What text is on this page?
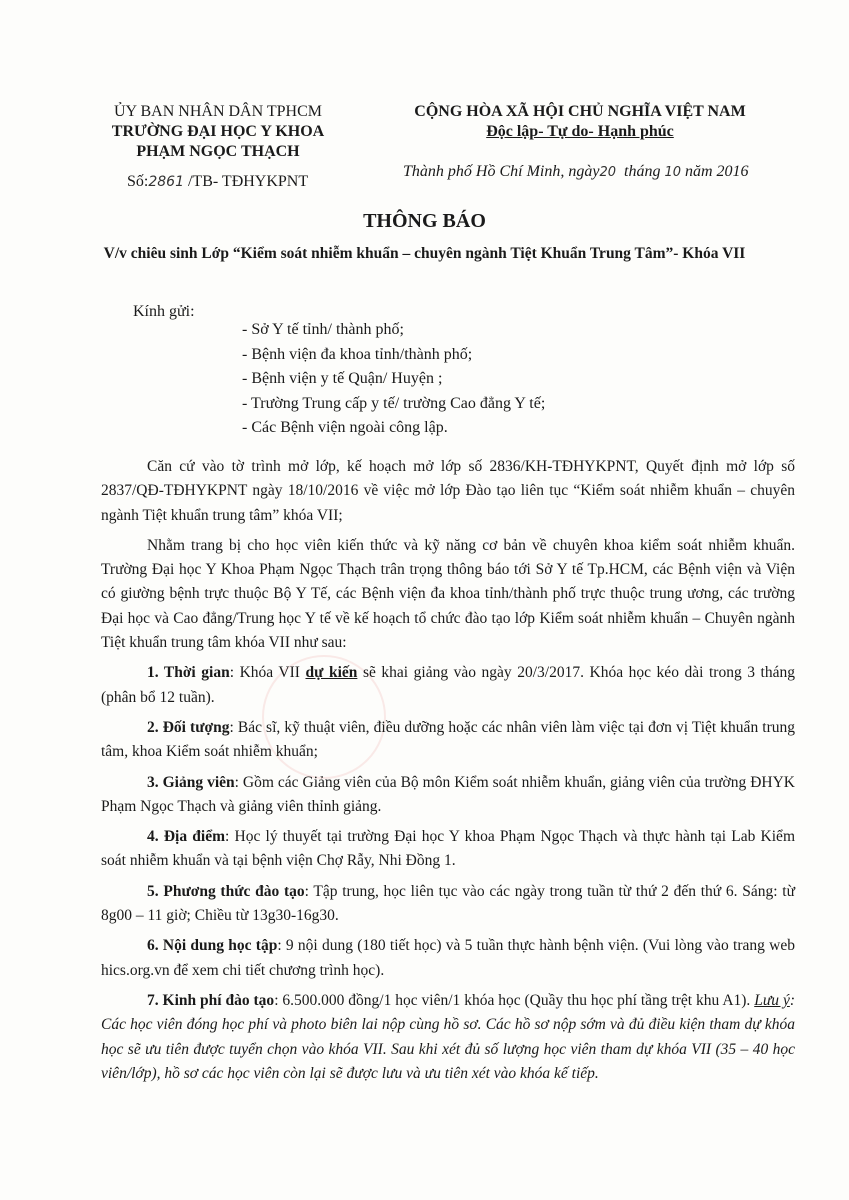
ỦY BAN NHÂN DÂN TPHCM
TRƯỜNG ĐẠI HỌC Y KHOA
PHẠM NGỌC THẠCH
Số:2861 /TB- TĐHYKPNT
CỘNG HÒA XÃ HỘI CHỦ NGHĨA VIỆT NAM
Độc lập- Tự do- Hạnh phúc
Thành phố Hồ Chí Minh, ngày20 tháng 10 năm 2016
THÔNG BÁO
V/v chiêu sinh Lớp “Kiểm soát nhiễm khuẩn – chuyên ngành Tiệt Khuẩn Trung Tâm”- Khóa VII
Kính gửi:
- Sở Y tế tỉnh/ thành phố;
- Bệnh viện đa khoa tỉnh/thành phố;
- Bệnh viện y tế Quận/ Huyện ;
- Trường Trung cấp y tế/ trường Cao đẳng Y tế;
- Các Bệnh viện ngoài công lập.

Căn cứ vào tờ trình mở lớp, kế hoạch mở lớp số 2836/KH-TĐHYKPNT, Quyết định mở lớp số 2837/QĐ-TĐHYKPNT ngày 18/10/2016 về việc mở lớp Đào tạo liên tục “Kiểm soát nhiễm khuẩn – chuyên ngành Tiệt khuẩn trung tâm” khóa VII;

Nhằm trang bị cho học viên kiến thức và kỹ năng cơ bản về chuyên khoa kiểm soát nhiễm khuẩn. Trường Đại học Y Khoa Phạm Ngọc Thạch trân trọng thông báo tới Sở Y tế Tp.HCM, các Bệnh viện và Viện có giường bệnh trực thuộc Bộ Y Tế, các Bệnh viện đa khoa tỉnh/thành phố trực thuộc trung ương, các trường Đại học và Cao đẳng/Trung học Y tế về kế hoạch tổ chức đào tạo lớp Kiểm soát nhiễm khuẩn – Chuyên ngành Tiệt khuẩn trung tâm khóa VII như sau:

1. Thời gian: Khóa VII dự kiến sẽ khai giảng vào ngày 20/3/2017. Khóa học kéo dài trong 3 tháng (phân bổ 12 tuần).

2. Đối tượng: Bác sĩ, kỹ thuật viên, điều dưỡng hoặc các nhân viên làm việc tại đơn vị Tiệt khuẩn trung tâm, khoa Kiểm soát nhiễm khuẩn;

3. Giảng viên: Gồm các Giảng viên của Bộ môn Kiểm soát nhiễm khuẩn, giảng viên của trường ĐHYK Phạm Ngọc Thạch và giảng viên thỉnh giảng.

4. Địa điểm: Học lý thuyết tại trường Đại học Y khoa Phạm Ngọc Thạch và thực hành tại Lab Kiểm soát nhiễm khuẩn và tại bệnh viện Chợ Rẫy, Nhi Đồng 1.

5. Phương thức đào tạo: Tập trung, học liên tục vào các ngày trong tuần từ thứ 2 đến thứ 6. Sáng: từ 8g00 – 11 giờ; Chiều từ 13g30-16g30.

6. Nội dung học tập: 9 nội dung (180 tiết học) và 5 tuần thực hành bệnh viện. (Vui lòng vào trang web hics.org.vn để xem chi tiết chương trình học).

7. Kinh phí đào tạo: 6.500.000 đồng/1 học viên/1 khóa học (Quầy thu học phí tầng trệt khu A1). Lưu ý: Các học viên đóng học phí và photo biên lai nộp cùng hồ sơ. Các hồ sơ nộp sớm và đủ điều kiện tham dự khóa học sẽ ưu tiên được tuyển chọn vào khóa VII. Sau khi xét đủ số lượng học viên tham dự khóa VII (35 – 40 học viên/lớp), hồ sơ các học viên còn lại sẽ được lưu và ưu tiên xét vào khóa kế tiếp.
